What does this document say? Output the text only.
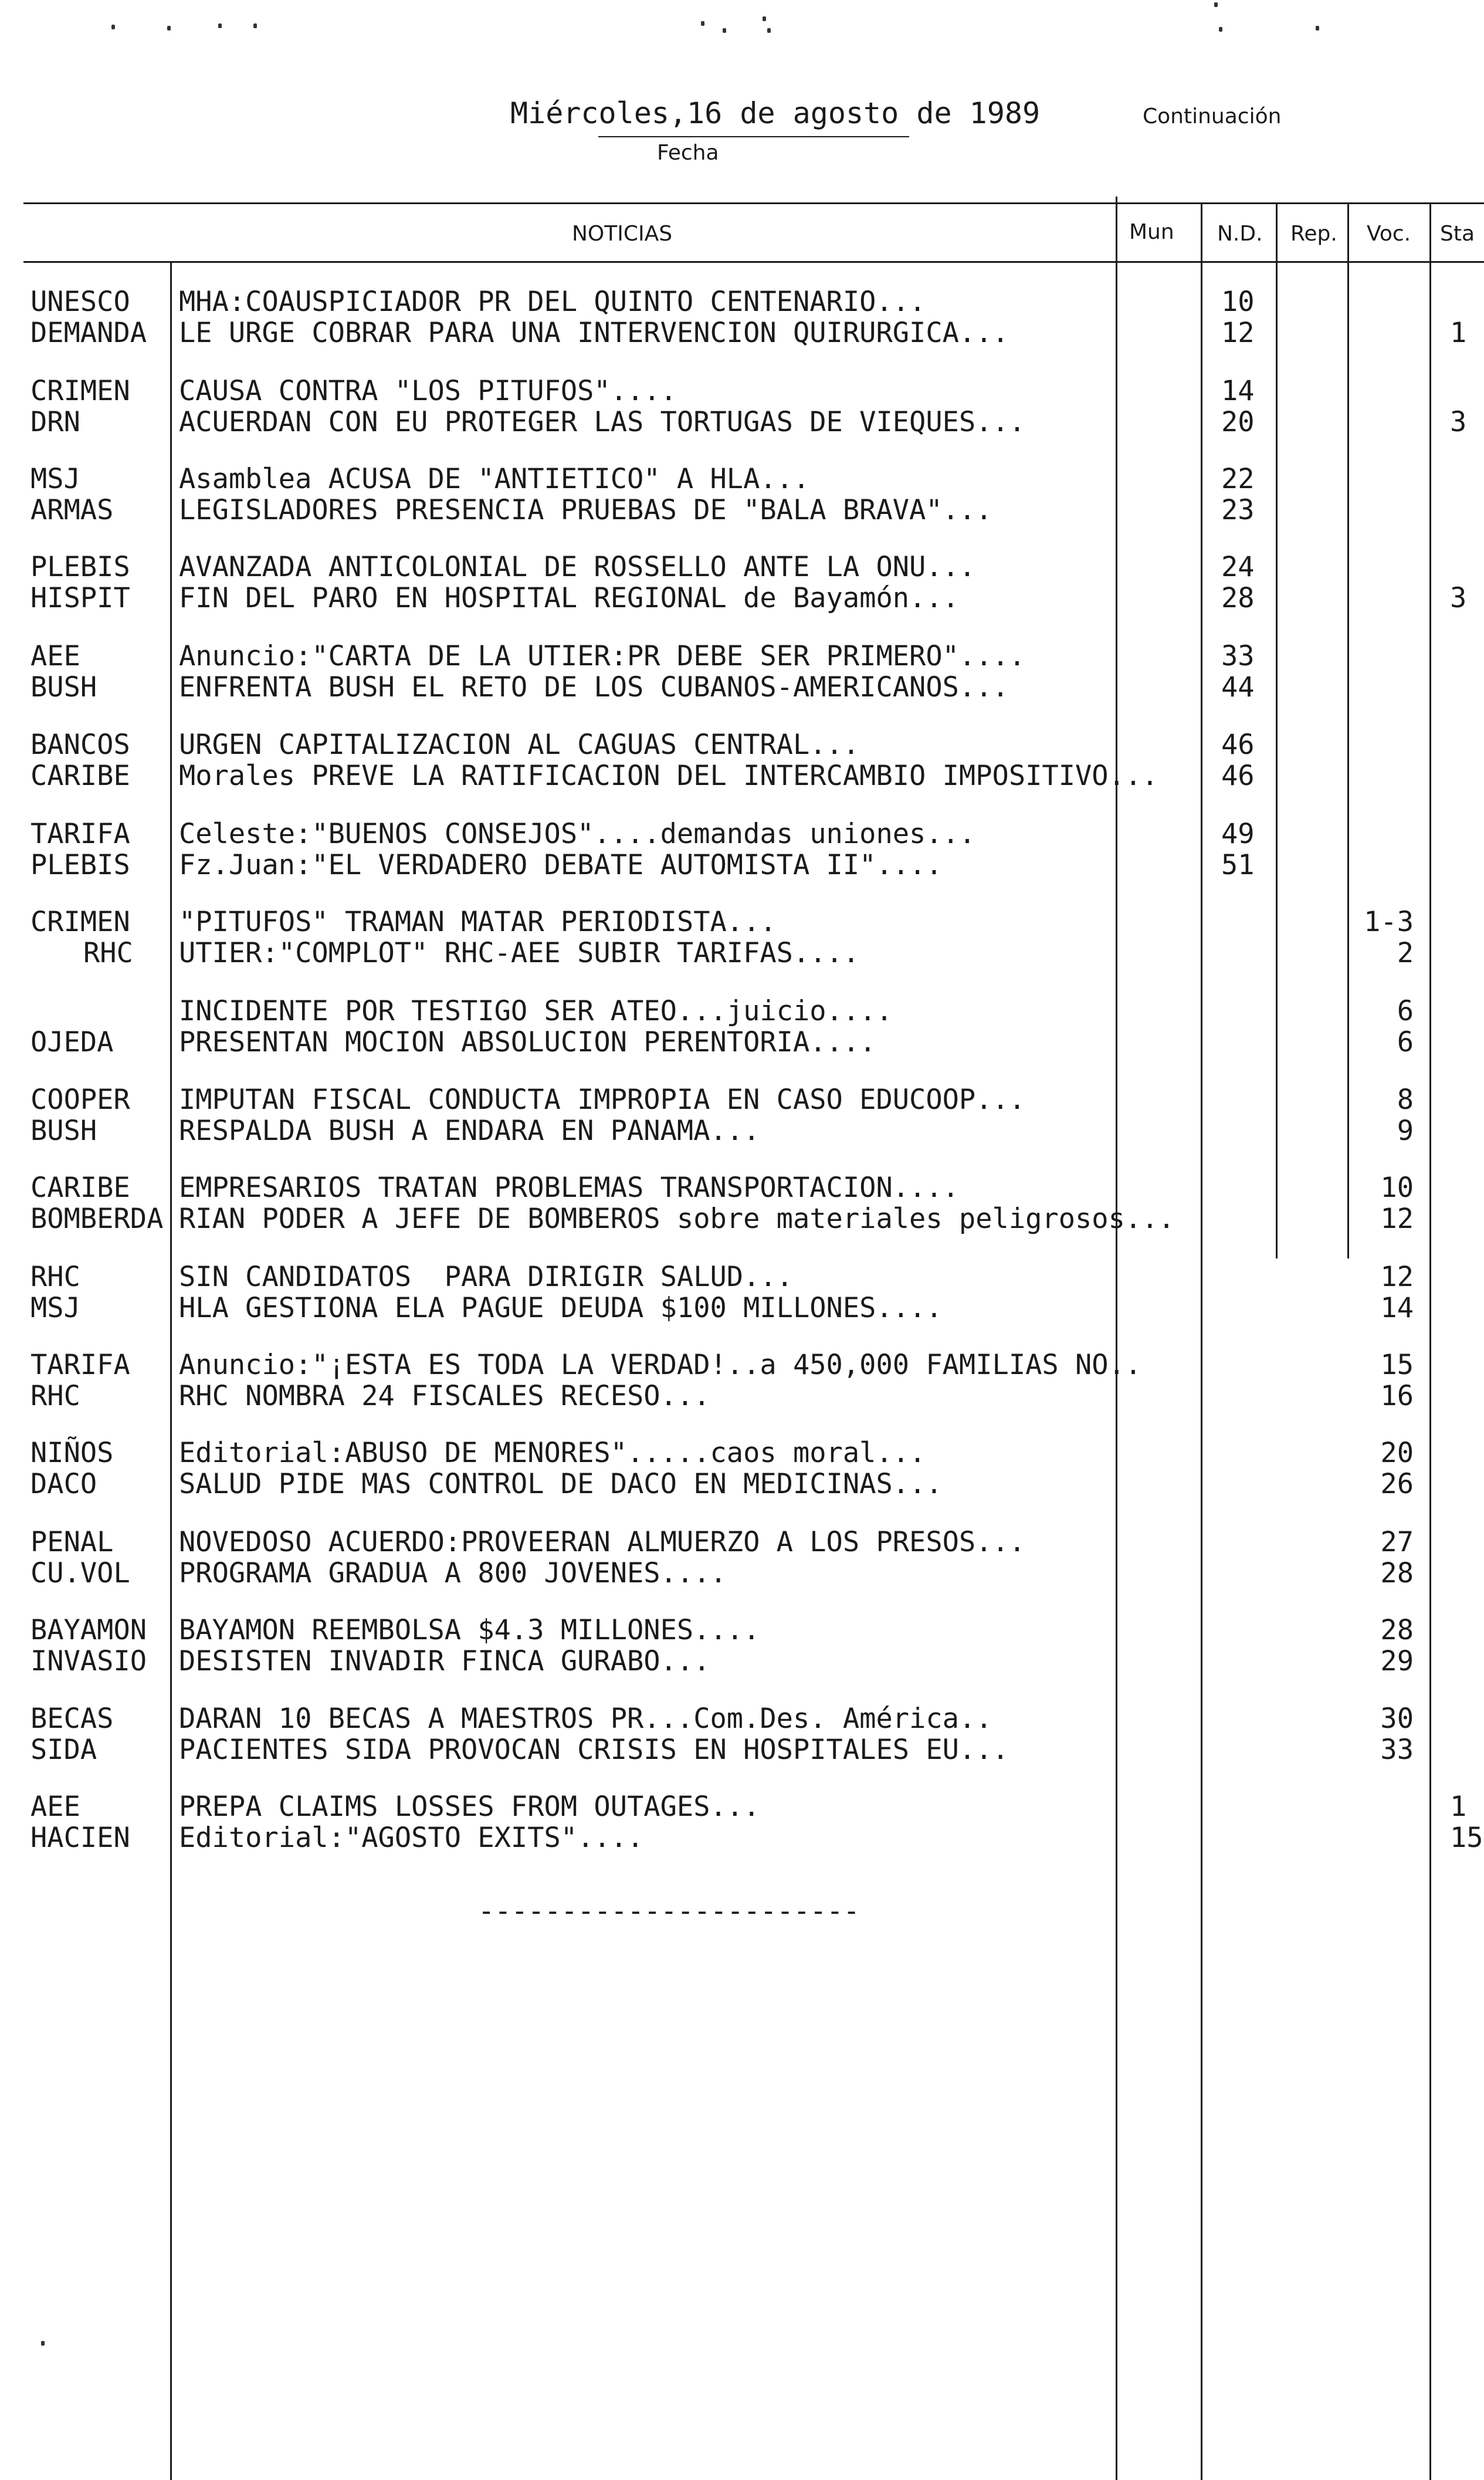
Miércoles,16 de agosto de 1989
Fecha
Continuación
NOTICIAS	Mun N.D. Rep. Voc. Sta
UNESCO MHA:COAUSPICIADOR PR DEL QUINTO CENTENARIO...	10
DEMANDA LE URGE COBRAR PARA UNA INTERVENCION QUIRURGICA...	12	1
CRIMEN CAUSA CONTRA "LOS PITUFOS"....	14
DRN	ACUERDAN CON EU PROTEGER LAS TORTUGAS DE VIEQUES...	20	3
MSJ	Asamblea ACUSA DE "ANTIETICO" A HLA...	22
ARMAS LEGISLADORES PRESENCIA PRUEBAS DE "BALA BRAVA"...	23
PLEBIS AVANZADA ANTICOLONIAL DE ROSSELLO ANTE LA ONU...	24
HISPIT FIN DEL PARO EN HOSPITAL REGIONAL de Bayamón...	28	3
AEE	Anuncio:"CARTA DE LA UTIER:PR DEBE SER PRIMERO"....	33
BUSH	ENFRENTA BUSH EL RETO DE LOS CUBANOS-AMERICANOS...	44
BANCOS URGEN CAPITALIZACION AL CAGUAS CENTRAL...	46
CARIBE Morales PREVE LA RATIFICACION DEL INTERCAMBIO IMPOSITIVO... 46
TARIFA Celeste:"BUENOS CONSEJOS"....demandas uniones...	49
PLEBIS Fz.Juan:"EL VERDADERO DEBATE AUTOMISTA II"....	51
CRIMEN "PITUFOS" TRAMAN MATAR PERIODISTA...	1-3
RHC UTIER:"COMPLOT" RHC-AEE SUBIR TARIFAS....	2
INCIDENTE POR TESTIGO SER ATEO...juicio....	6
OJEDA PRESENTAN MOCION ABSOLUCION PERENTORIA....	6
COOPER IMPUTAN FISCAL CONDUCTA IMPROPIA EN CASO EDUCOOP...	8
BUSH	RESPALDA BUSH A ENDARA EN PANAMA...	9
CARIBE EMPRESARIOS TRATAN PROBLEMAS TRANSPORTACION....	10
BOMBERDA RIAN PODER A JEFE DE BOMBEROS sobre materiales peligrosos...	12
RHC	SIN CANDIDATOS  PARA DIRIGIR SALUD...	12
MSJ	HLA GESTIONA ELA PAGUE DEUDA $100 MILLONES....	14
TARIFA Anuncio:"¡ESTA ES TODA LA VERDAD!..a 450,000 FAMILIAS NO..	15
RHC	RHC NOMBRA 24 FISCALES RECESO...	16
NIÑOS Editorial:ABUSO DE MENORES".....caos moral...	20
DACO	SALUD PIDE MAS CONTROL DE DACO EN MEDICINAS...	26
PENAL NOVEDOSO ACUERDO:PROVEERAN ALMUERZO A LOS PRESOS...	27
CU.VOL PROGRAMA GRADUA A 800 JOVENES....	28
BAYAMON BAYAMON REEMBOLSA $4.3 MILLONES....	28
INVASIO DESISTEN INVADIR FINCA GURABO...	29
BECAS DARAN 10 BECAS A MAESTROS PR...Com.Des. América..	30
SIDA	PACIENTES SIDA PROVOCAN CRISIS EN HOSPITALES EU...	33
AEE	PREPA CLAIMS LOSSES FROM OUTAGES...	1
HACIEN Editorial:"AGOSTO EXITS"....	15
-----------------------
